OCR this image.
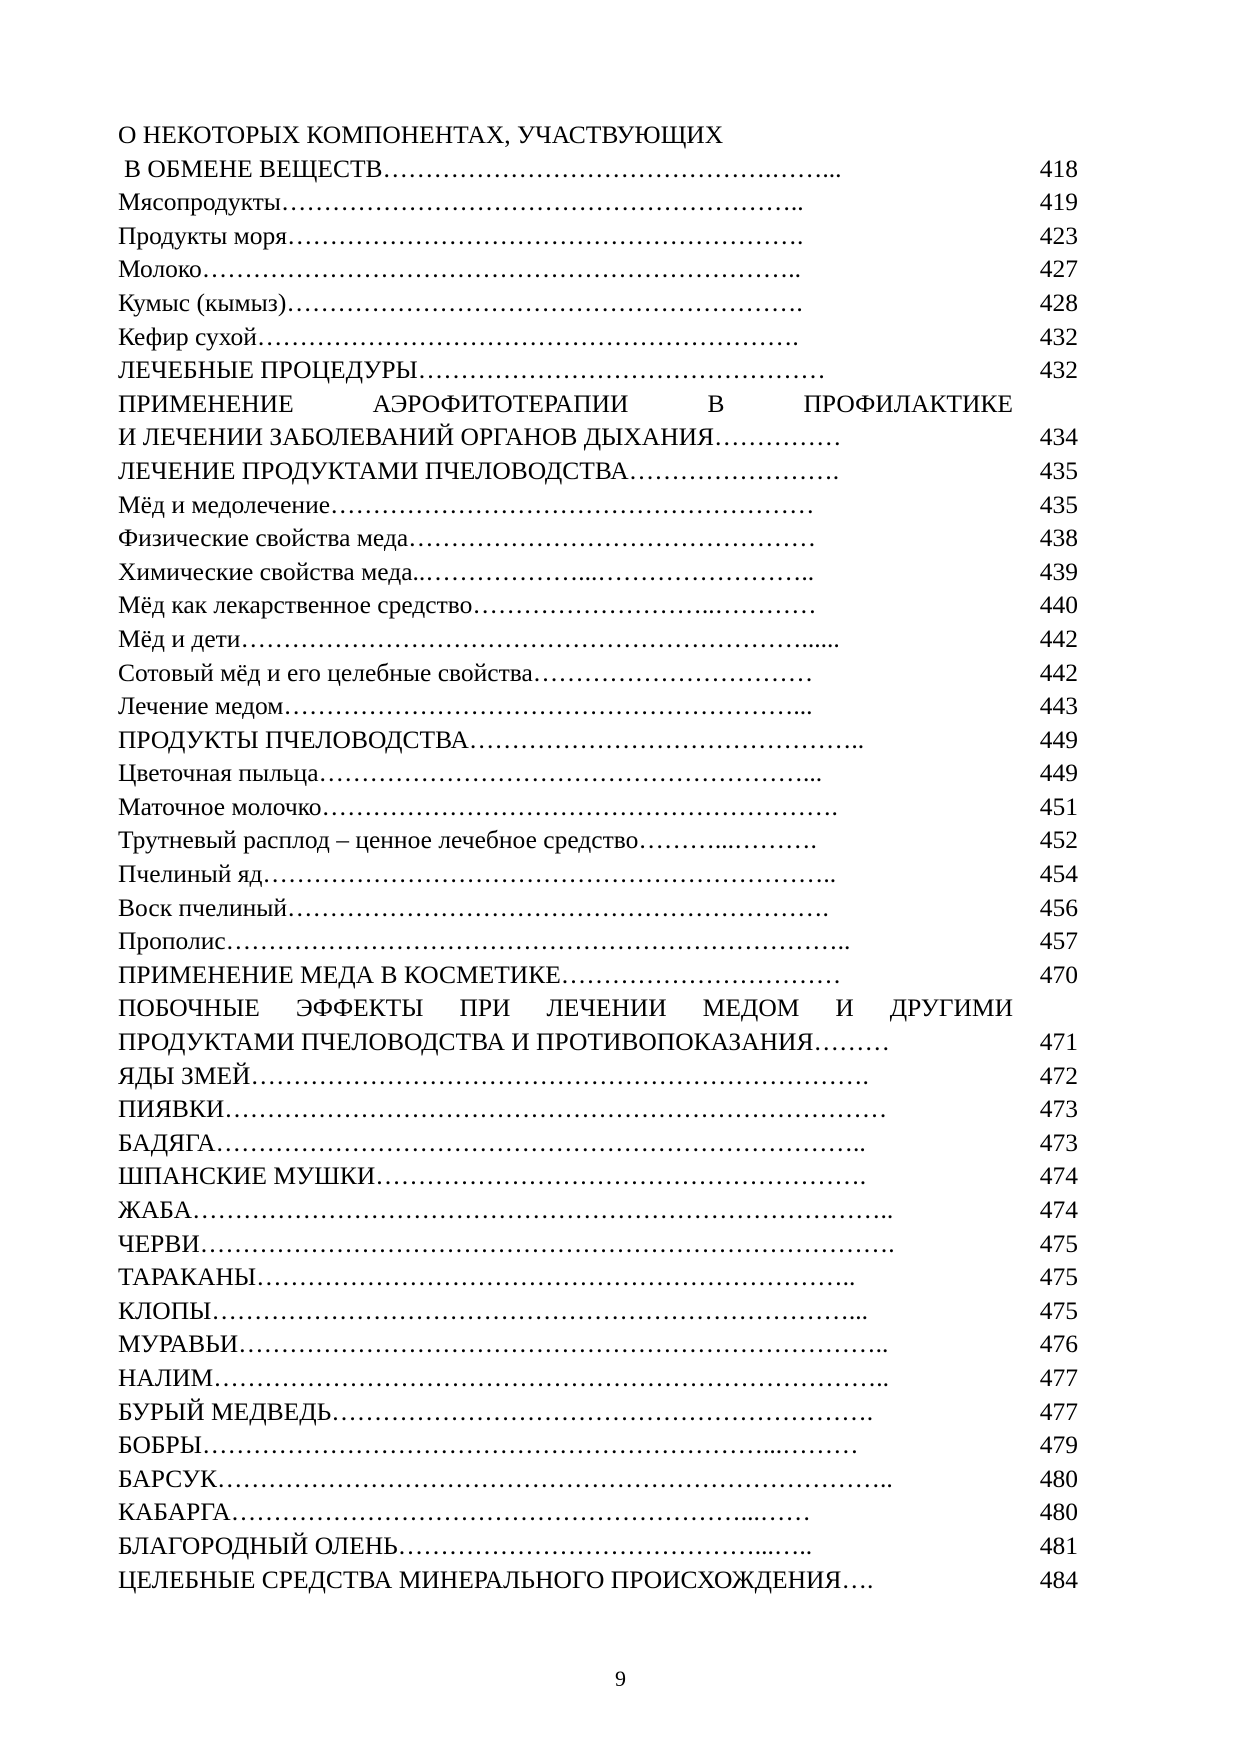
О НЕКОТОРЫХ КОМПОНЕНТАХ, УЧАСТВУЮЩИХ
В ОБМЕНЕ ВЕЩЕСТВ……………………………………….……...	418
Мясопродукты……………………………………………………..	419
Продукты моря…………………………………………………….	423
Молоко……………………………………………………………..	427
Кумыс (кымыз)…………………………………………………….	428
Кефир сухой……………………………………………………….	432
ЛЕЧЕБНЫЕ ПРОЦЕДУРЫ…………………………………………	432
ПРИМЕНЕНИЕ АЭРОФИТОТЕРАПИИ В ПРОФИЛАКТИКЕ
И ЛЕЧЕНИИ ЗАБОЛЕВАНИЙ ОРГАНОВ ДЫХАНИЯ……………	434
ЛЕЧЕНИЕ ПРОДУКТАМИ ПЧЕЛОВОДСТВА…………………….	435
Мёд и медолечение…………………………………………………	435
Физические свойства меда…………………………………………	438
Химические свойства меда..………………...……………………..	439
Мёд как лекарственное средство………………………..…………	440
Мёд и дети…………………………………………………………......	442
Сотовый мёд и его целебные свойства……………………………	442
Лечение медом……………………………………………………...	443
ПРОДУКТЫ ПЧЕЛОВОДСТВА………………………………………..	449
Цветочная пыльца…………………………………………………...	449
Маточное молочко…………………………………………………….	451
Трутневый расплод – ценное лечебное средство………...……….	452
Пчелиный яд…………………………………………………………..	454
Воск пчелиный……………………………………………………….	456
Прополис………………………………………………………………..	457
ПРИМЕНЕНИЕ МЕДА В КОСМЕТИКЕ……………………………	470
ПОБОЧНЫЕ ЭФФЕКТЫ ПРИ ЛЕЧЕНИИ МЕДОМ И ДРУГИМИ
ПРОДУКТАМИ ПЧЕЛОВОДСТВА И ПРОТИВОПОКАЗАНИЯ………	471
ЯДЫ ЗМЕЙ……………………………………………………………….	472
ПИЯВКИ……………………………………………………………………	473
БАДЯГА…………………………………………………………………..	473
ШПАНСКИЕ МУШКИ………………………………………………….	474
ЖАБА………………………………………………………………………..	474
ЧЕРВИ……………………………………………………………………….	475
ТАРАКАНЫ……………………………………………………………..	475
КЛОПЫ…………………………………………………………………...	475
МУРАВЬИ…………………………………………………………………..	476
НАЛИМ……………………………………………………………………..	477
БУРЫЙ МЕДВЕДЬ……………………………………………………….	477
БОБРЫ…………………………………………………………...………	479
БАРСУК……………………………………………………………………..	480
КАБАРГА……………………………………………………...……	480
БЛАГОРОДНЫЙ ОЛЕНЬ……………………………………...…..	481
ЦЕЛЕБНЫЕ СРЕДСТВА МИНЕРАЛЬНОГО ПРОИСХОЖДЕНИЯ….	484
9
